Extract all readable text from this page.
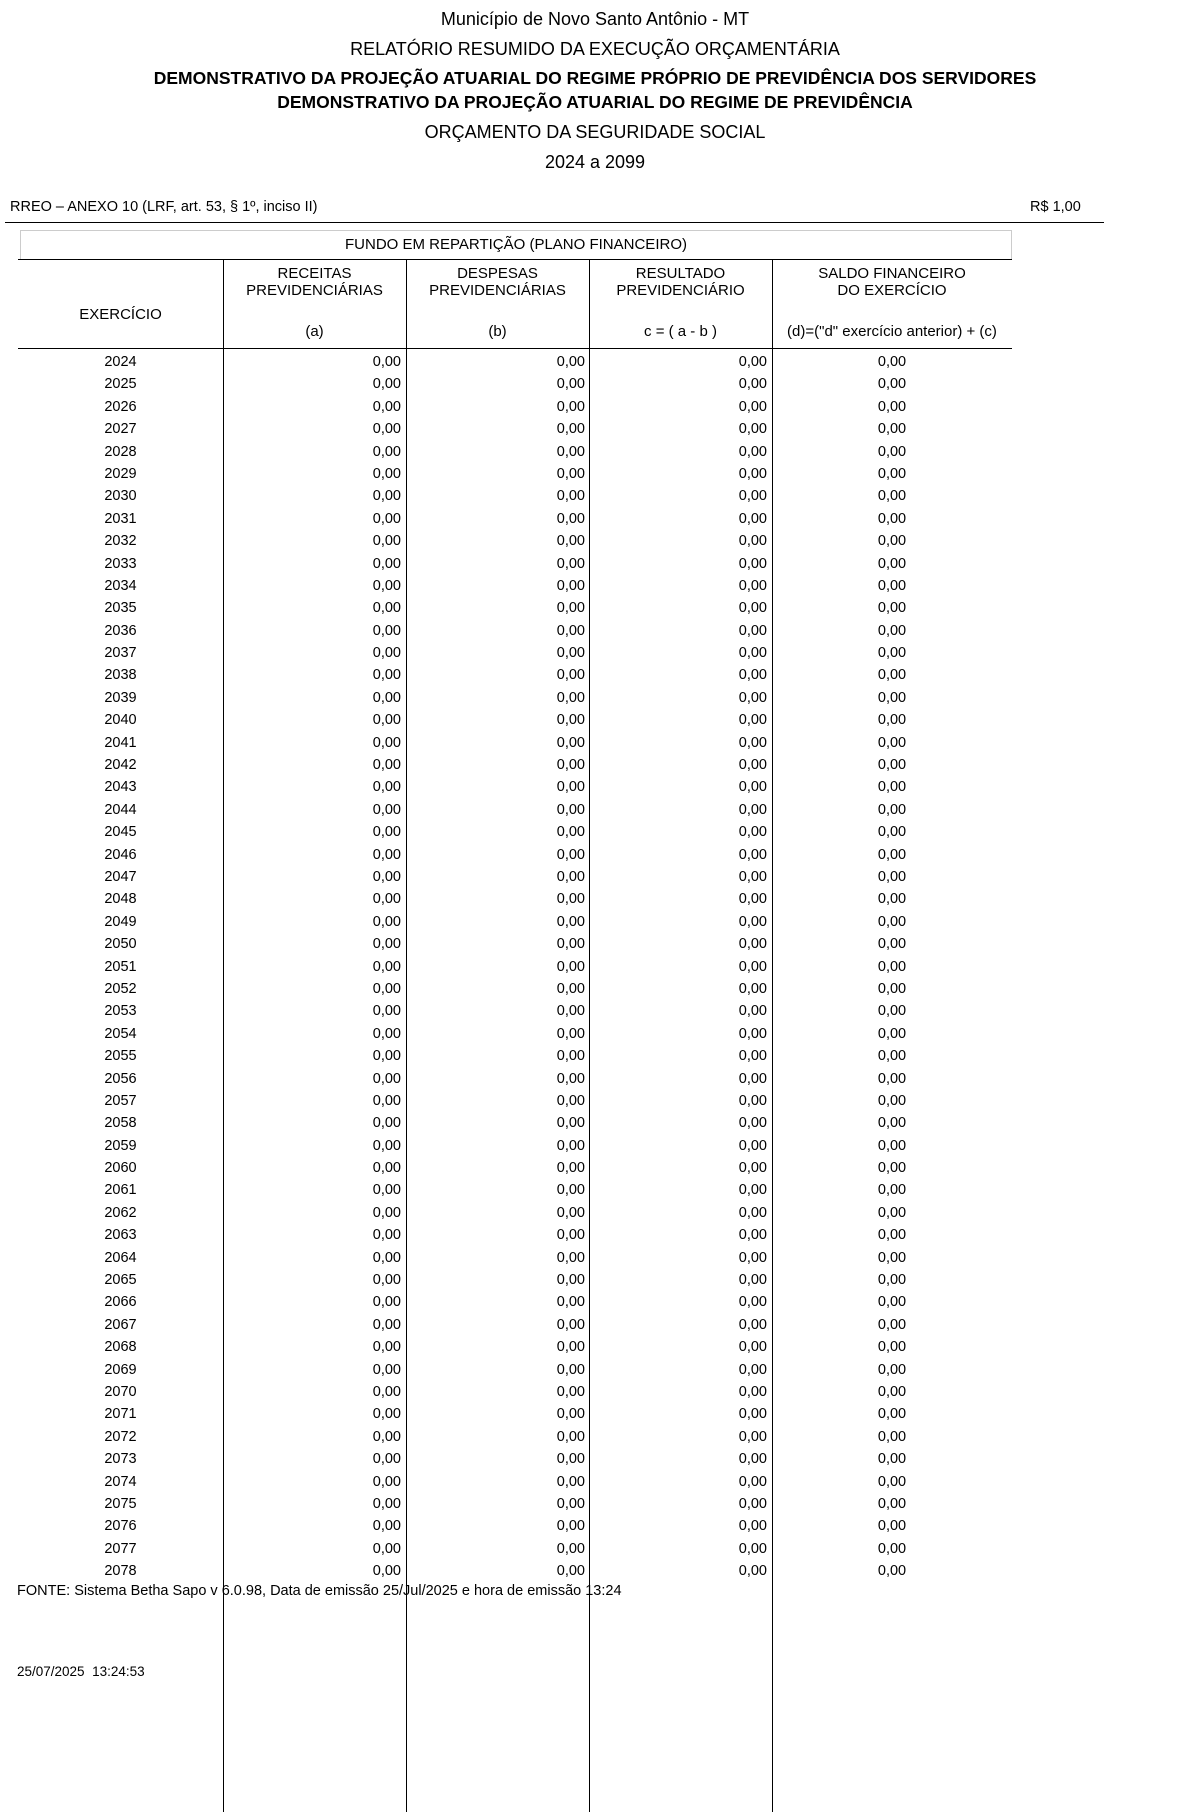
Município de Novo Santo Antônio - MT
RELATÓRIO RESUMIDO DA EXECUÇÃO ORÇAMENTÁRIA
DEMONSTRATIVO DA PROJEÇÃO ATUARIAL DO REGIME PRÓPRIO DE PREVIDÊNCIA DOS SERVIDORES
DEMONSTRATIVO DA PROJEÇÃO ATUARIAL DO REGIME DE PREVIDÊNCIA
ORÇAMENTO DA SEGURIDADE SOCIAL
2024 a 2099
RREO – ANEXO 10 (LRF, art. 53, § 1º, inciso II)	R$ 1,00
FUNDO EM REPARTIÇÃO (PLANO FINANCEIRO)
EXERCÍCIO
RECEITAS
PREVIDENCIÁRIAS
(a)
DESPESAS
PREVIDENCIÁRIAS
(b)
RESULTADO
PREVIDENCIÁRIO
c = ( a - b )
SALDO FINANCEIRO
DO EXERCÍCIO
(d)=("d" exercício anterior) + (c)
2024	0,00	0,00	0,00	0,00
2025	0,00	0,00	0,00	0,00
2026	0,00	0,00	0,00	0,00
2027	0,00	0,00	0,00	0,00
2028	0,00	0,00	0,00	0,00
2029	0,00	0,00	0,00	0,00
2030	0,00	0,00	0,00	0,00
2031	0,00	0,00	0,00	0,00
2032	0,00	0,00	0,00	0,00
2033	0,00	0,00	0,00	0,00
2034	0,00	0,00	0,00	0,00
2035	0,00	0,00	0,00	0,00
2036	0,00	0,00	0,00	0,00
2037	0,00	0,00	0,00	0,00
2038	0,00	0,00	0,00	0,00
2039	0,00	0,00	0,00	0,00
2040	0,00	0,00	0,00	0,00
2041	0,00	0,00	0,00	0,00
2042	0,00	0,00	0,00	0,00
2043	0,00	0,00	0,00	0,00
2044	0,00	0,00	0,00	0,00
2045	0,00	0,00	0,00	0,00
2046	0,00	0,00	0,00	0,00
2047	0,00	0,00	0,00	0,00
2048	0,00	0,00	0,00	0,00
2049	0,00	0,00	0,00	0,00
2050	0,00	0,00	0,00	0,00
2051	0,00	0,00	0,00	0,00
2052	0,00	0,00	0,00	0,00
2053	0,00	0,00	0,00	0,00
2054	0,00	0,00	0,00	0,00
2055	0,00	0,00	0,00	0,00
2056	0,00	0,00	0,00	0,00
2057	0,00	0,00	0,00	0,00
2058	0,00	0,00	0,00	0,00
2059	0,00	0,00	0,00	0,00
2060	0,00	0,00	0,00	0,00
2061	0,00	0,00	0,00	0,00
2062	0,00	0,00	0,00	0,00
2063	0,00	0,00	0,00	0,00
2064	0,00	0,00	0,00	0,00
2065	0,00	0,00	0,00	0,00
2066	0,00	0,00	0,00	0,00
2067	0,00	0,00	0,00	0,00
2068	0,00	0,00	0,00	0,00
2069	0,00	0,00	0,00	0,00
2070	0,00	0,00	0,00	0,00
2071	0,00	0,00	0,00	0,00
2072	0,00	0,00	0,00	0,00
2073	0,00	0,00	0,00	0,00
2074	0,00	0,00	0,00	0,00
2075	0,00	0,00	0,00	0,00
2076	0,00	0,00	0,00	0,00
2077	0,00	0,00	0,00	0,00
2078	0,00	0,00	0,00	0,00
FONTE: Sistema Betha Sapo v 6.0.98, Data de emissão 25/Jul/2025 e hora de emissão 13:24
25/07/2025  13:24:53
